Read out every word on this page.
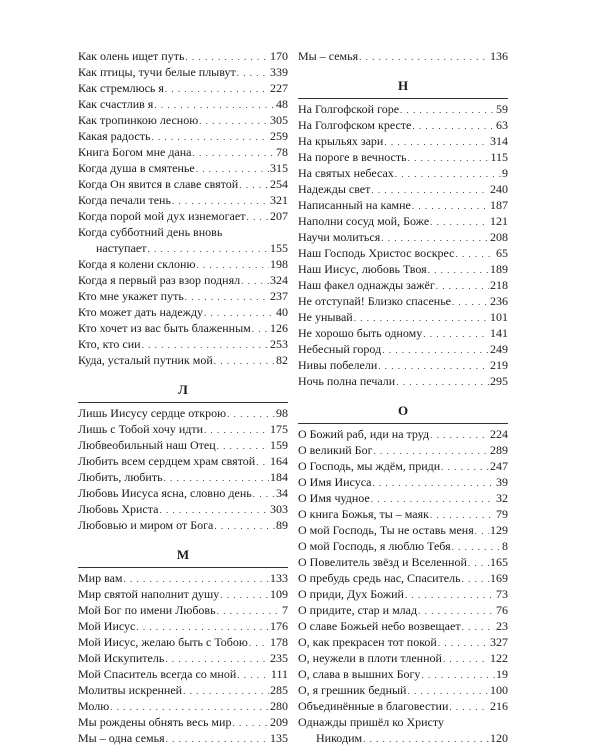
Как олень ищет путь . . .	170
Как птицы, тучи белые плывут . . .	339
Как стремлюсь я . . .	227
Как счастлив я . . .	48
Как тропинкою лесною . . .	305
Какая радость . . .	259
Книга Богом мне дана . . .	78
Когда душа в смятенье . . .	315
Когда Он явится в славе святой . . .	254
Когда печали тень . . .	321
Когда порой мой дух изнемогает . . . 207
Когда субботний день вновь
наступает . . .	155
Когда я колени склоню . . .	198
Когда я первый раз взор поднял . . . 324
Кто мне укажет путь . . .	237
Кто может дать надежду . . .	40
Кто хочет из вас быть блаженным . . . 126
Кто, кто сии . . .	253
Куда, усталый путник мой . . .	82
Л
Лишь Иисусу сердце открою . . .	98
Лишь с Тобой хочу идти . . .	175
Любвеобильный наш Отец . . .	159
Любить всем сердцем храм святой . . . 164
Любить, любить . . .	184
Любовь Иисуса ясна, словно день . . . 34
Любовь Христа . . .	303
Любовью и миром от Бога . . .	89
М
Мир вам . . .	133
Мир святой наполнит душу . . .	109
Мой Бог по имени Любовь . . .	7
Мой Иисус . . .	176
Мой Иисус, желаю быть с Тобою . . . 178
Мой Искупитель . . .	235
Мой Спаситель всегда со мной . . .	111
Молитвы искренней . . .	285
Молю . . .	280
Мы рождены обнять весь мир . . .	209
Мы – одна семья . . .	135
Мы – семья . . .	136
Н
На Голгофской горе . . .	59
На Голгофском кресте . . .	63
На крыльях зари . . .	314
На пороге в вечность . . .	115
На святых небесах . . .	9
Надежды свет . . .	240
Написанный на камне . . .	187
Наполни сосуд мой, Боже . . .	121
Научи молиться . . .	208
Наш Господь Христос воскрес . . .	65
Наш Иисус, любовь Твоя . . .	189
Наш факел однажды зажёг . . .	218
Не отступай! Близко спасенье . . .	236
Не унывай . . .	101
Не хорошо быть одному . . .	141
Небесный город . . .	249
Нивы побелели . . .	219
Ночь полна печали . . .	295
О
О Божий раб, иди на труд . . .	224
О великий Бог . . .	289
О Господь, мы ждём, приди . . .	247
О Имя Иисуса . . .	39
О Имя чудное . . .	32
О книга Божья, ты – маяк . . .	79
О мой Господь, Ты не оставь меня . . . 129
О мой Господь, я люблю Тебя . . .	8
О Повелитель звёзд и Вселенной . . . 165
О пребудь средь нас, Спаситель . . . 169
О приди, Дух Божий . . .	73
О придите, стар и млад . . .	76
О славе Божьей небо возвещает . . .	23
О, как прекрасен тот покой . . .	327
О, неужели в плоти тленной . . .	122
О, слава в вышних Богу . . .	19
О, я грешник бедный . . .	100
Объединённые в благовестии . . .	216
Однажды пришёл ко Христу
Никодим . . .	120
